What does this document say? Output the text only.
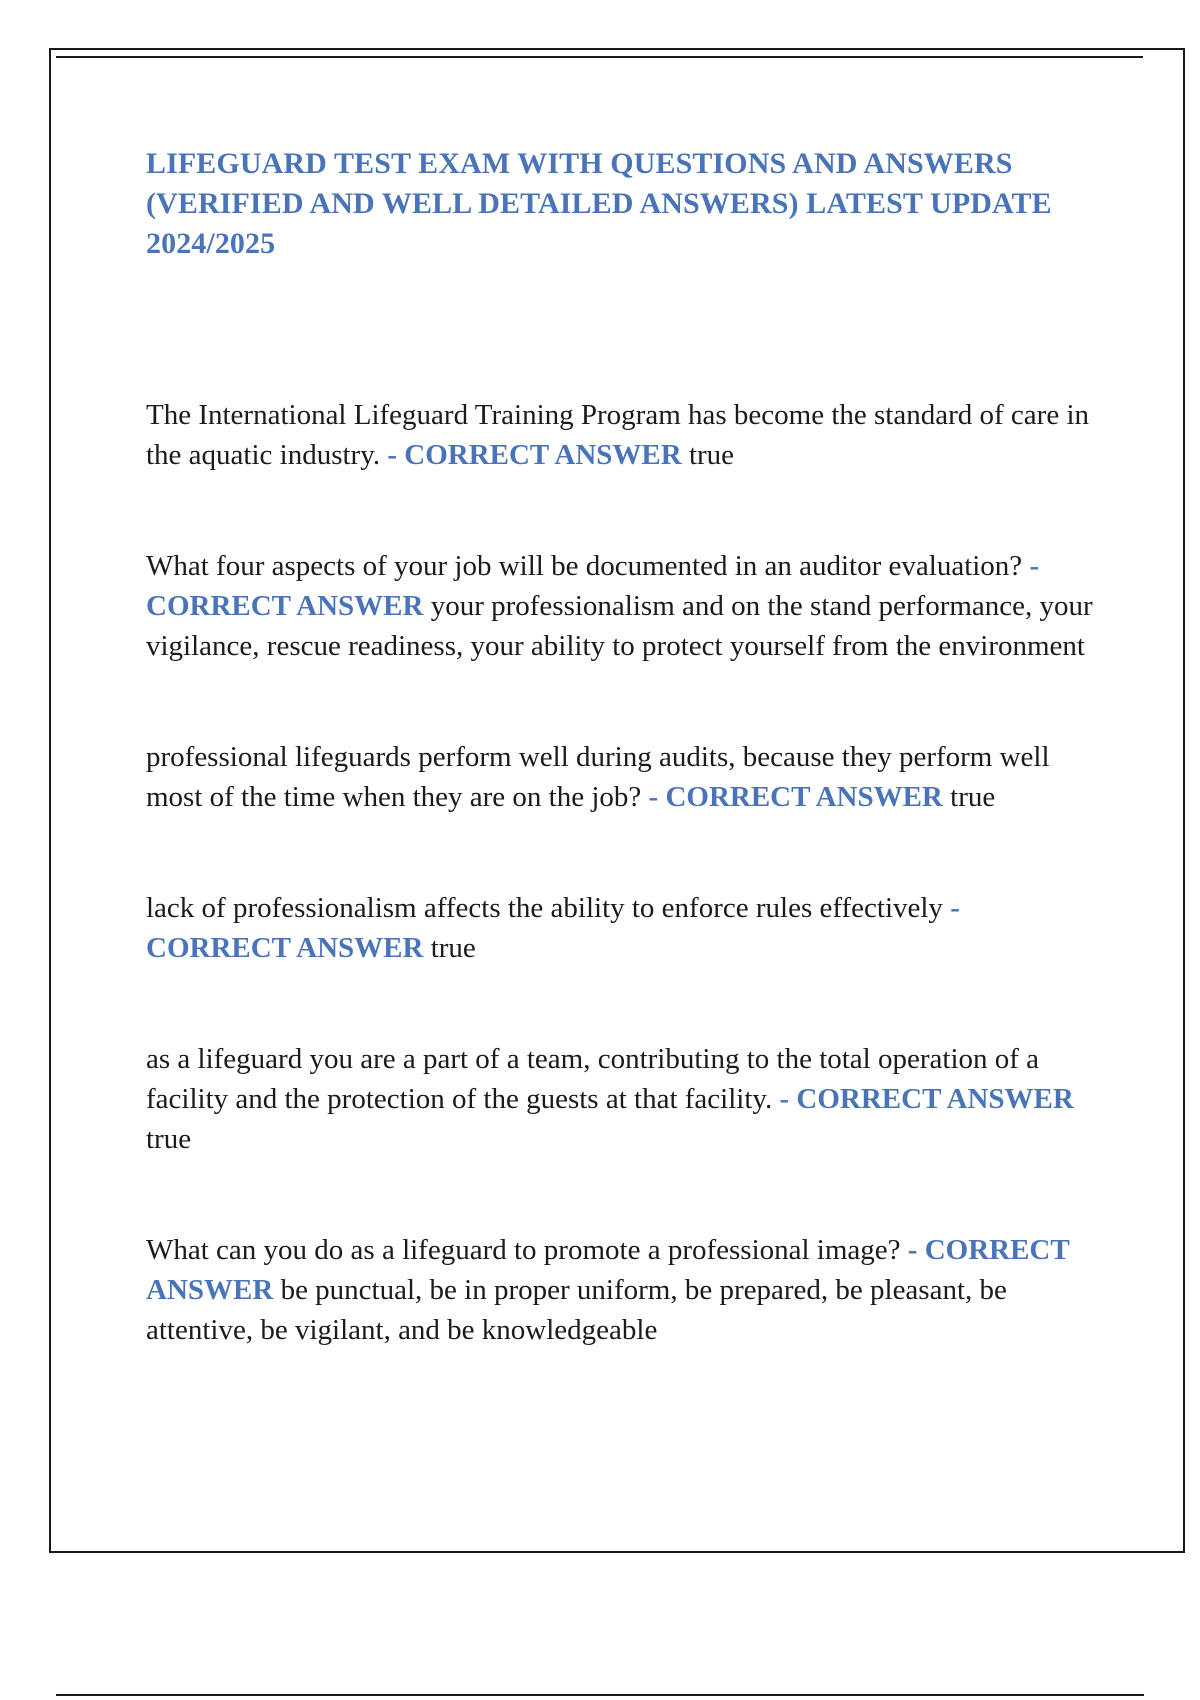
LIFEGUARD TEST EXAM WITH QUESTIONS AND ANSWERS (VERIFIED AND WELL DETAILED ANSWERS) LATEST UPDATE 2024/2025

The International Lifeguard Training Program has become the standard of care in the aquatic industry. - CORRECT ANSWER true

What four aspects of your job will be documented in an auditor evaluation? - CORRECT ANSWER your professionalism and on the stand performance, your vigilance, rescue readiness, your ability to protect yourself from the environment

professional lifeguards perform well during audits, because they perform well most of the time when they are on the job? - CORRECT ANSWER true

lack of professionalism affects the ability to enforce rules effectively - CORRECT ANSWER true

as a lifeguard you are a part of a team, contributing to the total operation of a facility and the protection of the guests at that facility. - CORRECT ANSWER true

What can you do as a lifeguard to promote a professional image? - CORRECT ANSWER be punctual, be in proper uniform, be prepared, be pleasant, be attentive, be vigilant, and be knowledgeable
